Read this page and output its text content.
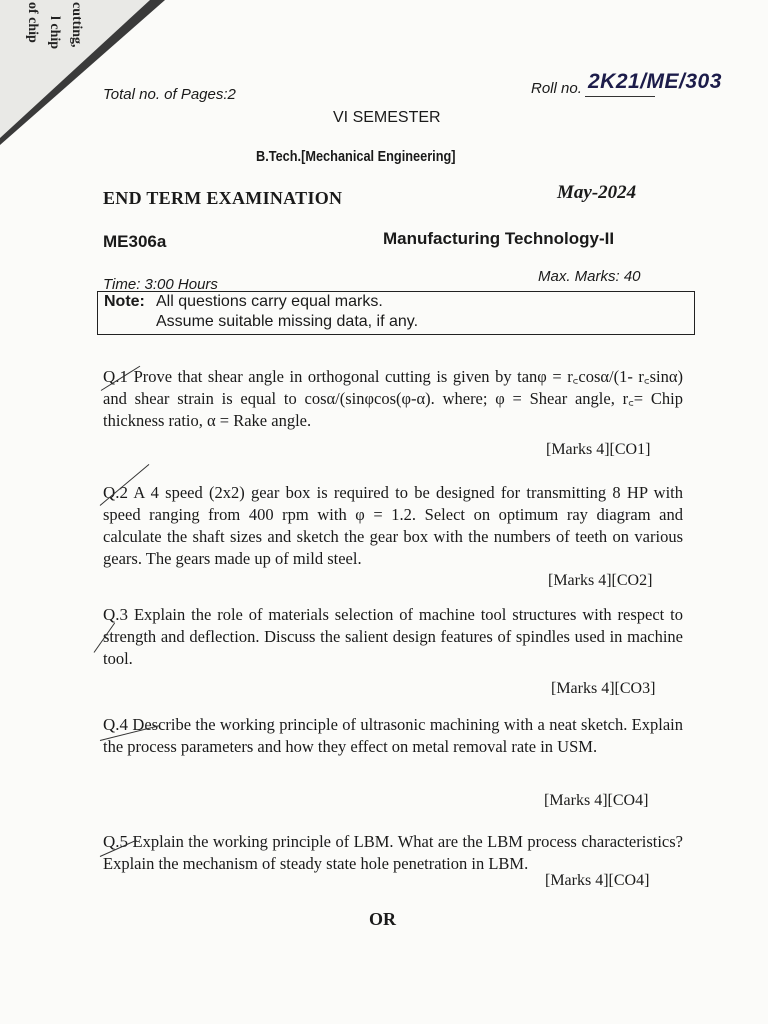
cutting,
l chip
of chip
Total no. of Pages:2	Roll no. 2K21/ME/303
VI SEMESTER
B.Tech.[Mechanical Engineering]
END TERM EXAMINATION	May-2024
ME306a	Manufacturing Technology-II
Time: 3:00 Hours	Max. Marks: 40
Note: All questions carry equal marks.
Assume suitable missing data, if any.
Q.1 Prove that shear angle in orthogonal cutting is given by tanφ = r꜀cosα/(1- r꜀sinα) and shear strain is equal to cosα/(sinφcos(φ-α). where; φ = Shear angle, r꜀= Chip thickness ratio, α = Rake angle.
[Marks 4][CO1]
Q.2 A 4 speed (2x2) gear box is required to be designed for transmitting 8 HP with speed ranging from 400 rpm with φ = 1.2. Select on optimum ray diagram and calculate the shaft sizes and sketch the gear box with the numbers of teeth on various gears. The gears made up of mild steel.
[Marks 4][CO2]
Q.3 Explain the role of materials selection of machine tool structures with respect to strength and deflection. Discuss the salient design features of spindles used in machine tool.
[Marks 4][CO3]
Q.4 Describe the working principle of ultrasonic machining with a neat sketch. Explain the process parameters and how they effect on metal removal rate in USM.
[Marks 4][CO4]
Q.5 Explain the working principle of LBM. What are the LBM process characteristics? Explain the mechanism of steady state hole penetration in LBM.
[Marks 4][CO4]
OR
